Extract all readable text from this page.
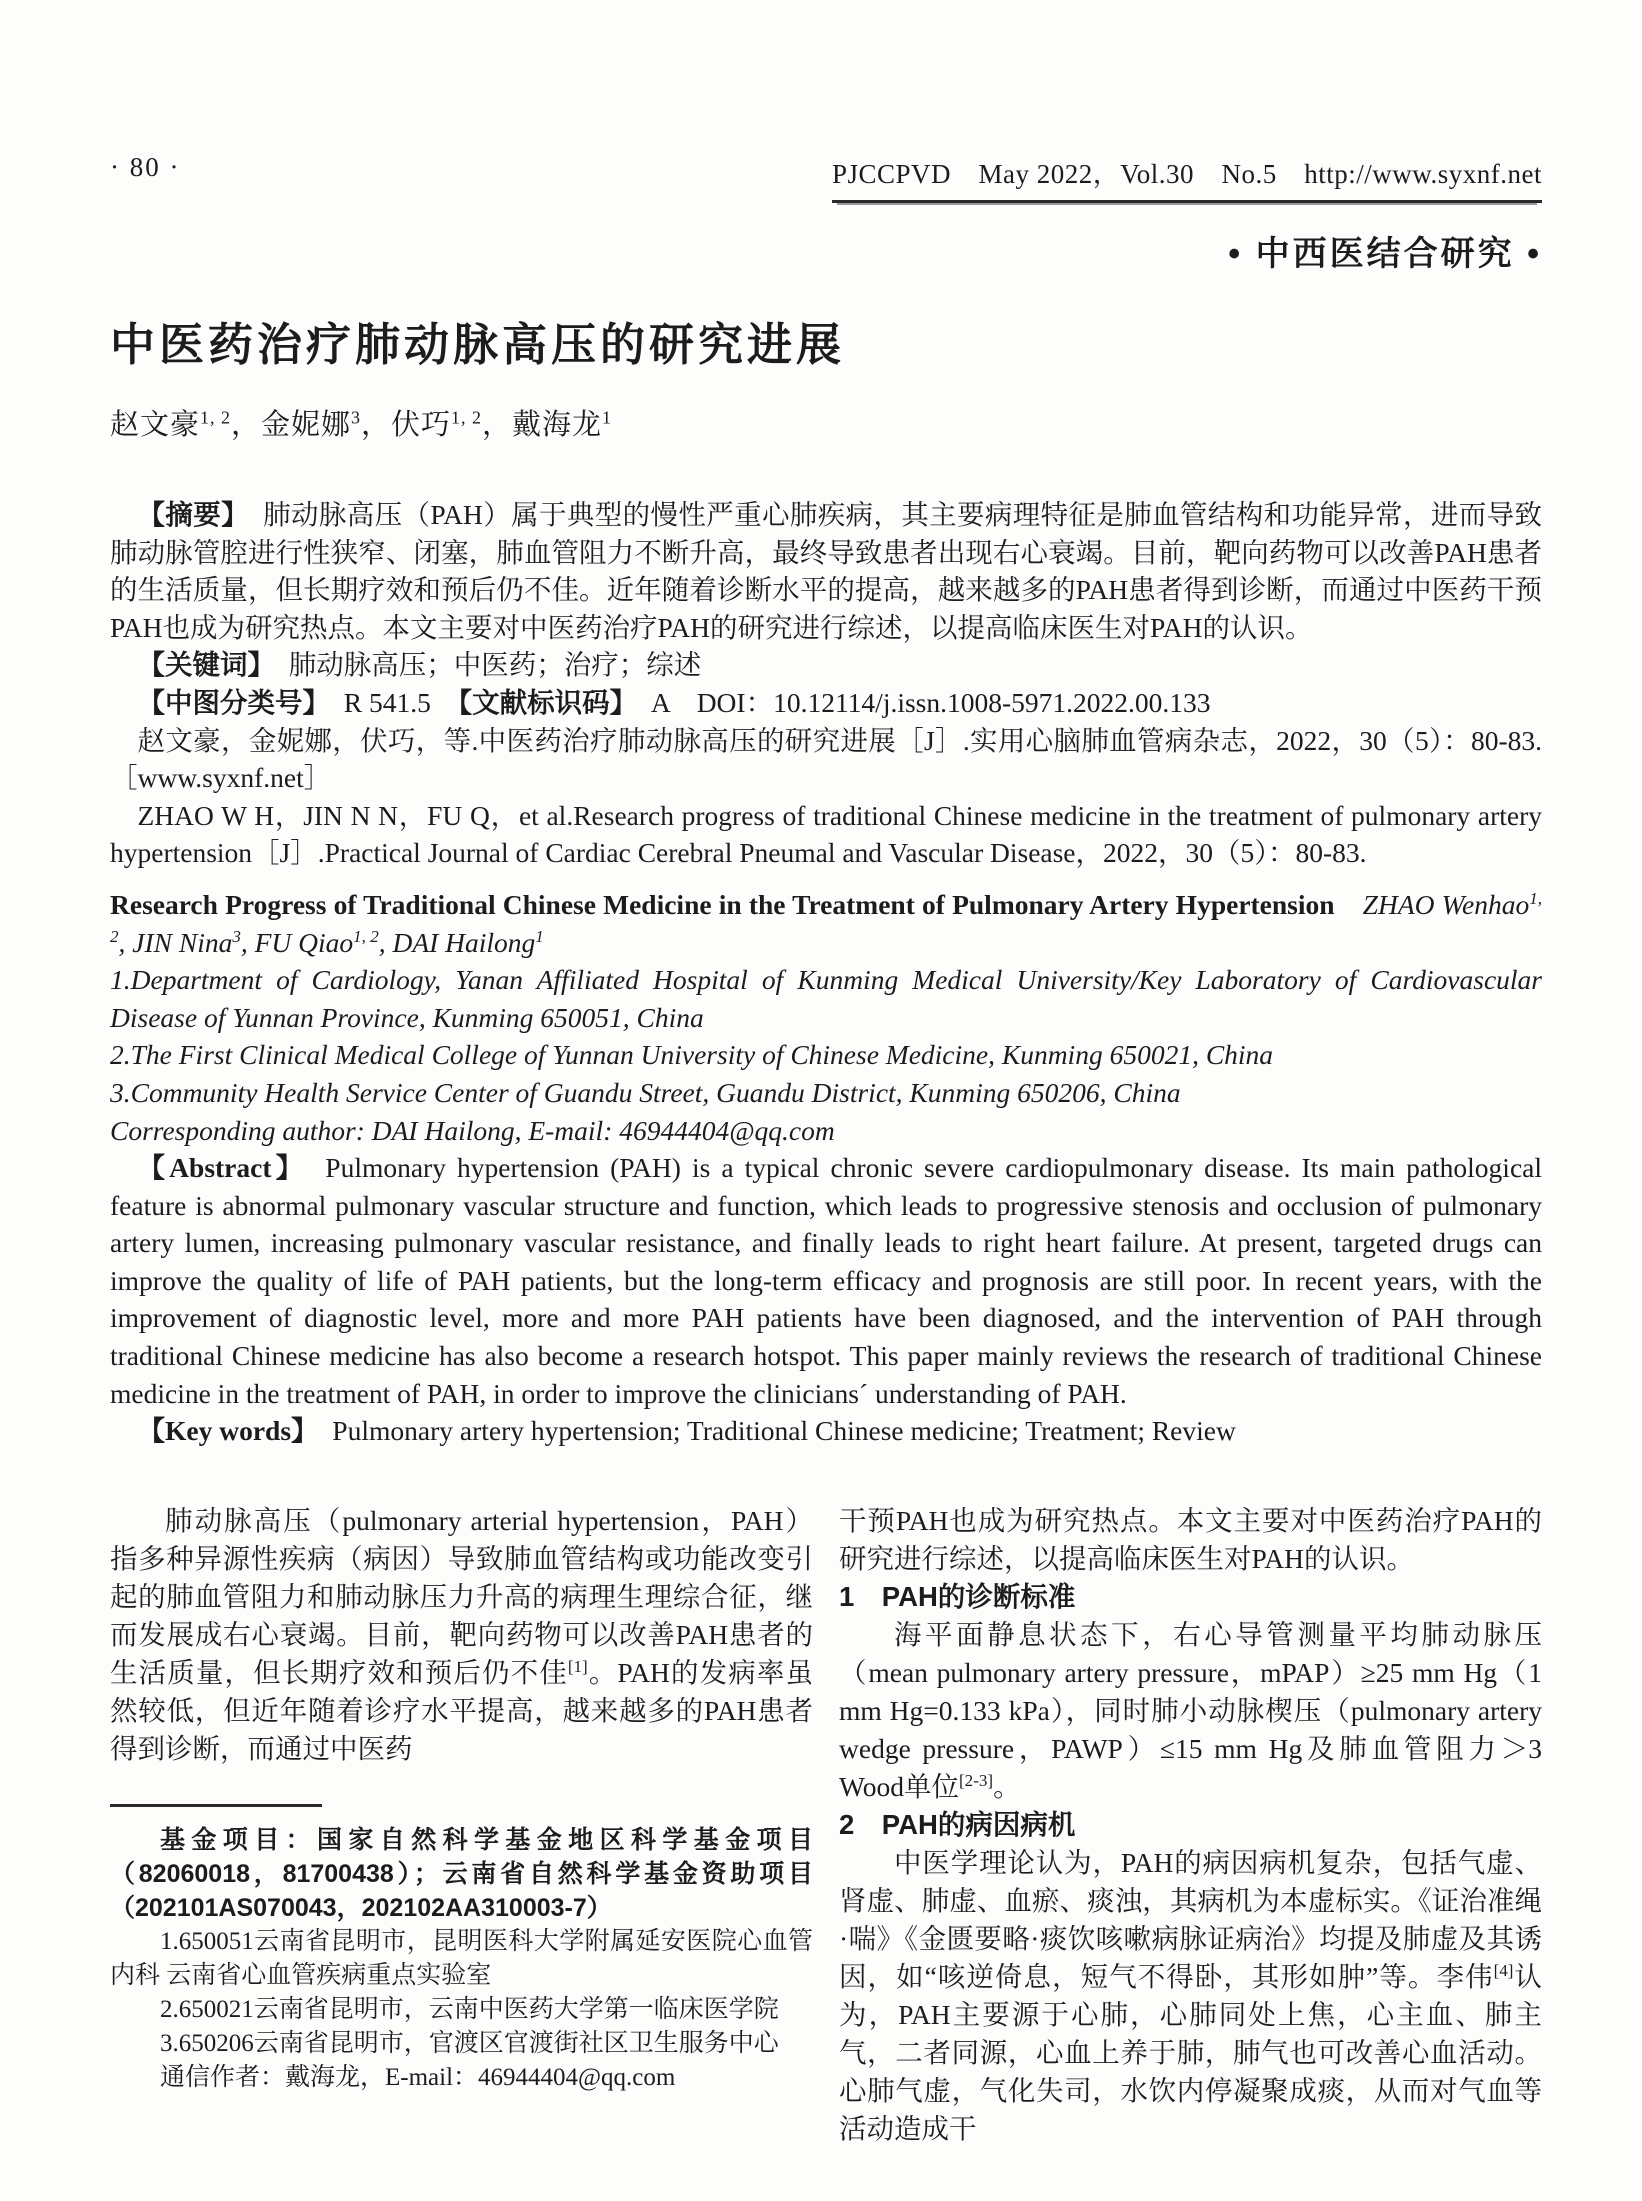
· 80 ·	PJCCPVD　May 2022，Vol.30　No.5　http://www.syxnf.net
• 中西医结合研究 •
中医药治疗肺动脉高压的研究进展
赵文豪$^{1, 2}$，金妮娜$^3$，伏巧$^{1, 2}$，戴海龙$^1$

【摘要】　 肺动脉高压（PAH）属于典型的慢性严重心肺疾病，其主要病理特征是肺血管结构和功能异常，进而导致肺动脉管腔进行性狭窄、闭塞，肺血管阻力不断升高，最终导致患者出现右心衰竭。目前，靶向药物可以改善PAH患者的生活质量，但长期疗效和预后仍不佳。近年随着诊断水平的提高，越来越多的PAH患者得到诊断，而通过中医药干预PAH也成为研究热点。本文主要对中医药治疗PAH的研究进行综述，以提高临床医生对PAH的认识。

【关键词】　 肺动脉高压；中医药；治疗；综述

【中图分类号】　 R 541.5　 【文献标识码】　 A　 DOI：10.12114/j.issn.1008-5971.2022.00.133

赵文豪，金妮娜，伏巧，等.中医药治疗肺动脉高压的研究进展［J］.实用心脑肺血管病杂志，2022，30（5）：80-83.［www.syxnf.net］

ZHAO W H，JIN N N，FU Q，et al.Research progress of traditional Chinese medicine in the treatment of pulmonary artery hypertension［J］.Practical Journal of Cardiac Cerebral Pneumal and Vascular Disease，2022，30（5）：80-83.

Research Progress of Traditional Chinese Medicine in the Treatment of Pulmonary Artery Hypertension　 ZHAO Wenhao$^{1, 2}$, JIN Nina$^3$, FU Qiao$^{1, 2}$, DAI Hailong$^1$

1.Department of Cardiology, Yanan Affiliated Hospital of Kunming Medical University/Key Laboratory of Cardiovascular Disease of Yunnan Province, Kunming 650051, China

2.The First Clinical Medical College of Yunnan University of Chinese Medicine, Kunming 650021, China

3.Community Health Service Center of Guandu Street, Guandu District, Kunming 650206, China

Corresponding author: DAI Hailong, E-mail: 46944404@qq.com

【Abstract】　 Pulmonary hypertension (PAH) is a typical chronic severe cardiopulmonary disease. Its main pathological feature is abnormal pulmonary vascular structure and function, which leads to progressive stenosis and occlusion of pulmonary artery lumen, increasing pulmonary vascular resistance, and finally leads to right heart failure. At present, targeted drugs can improve the quality of life of PAH patients, but the long-term efficacy and prognosis are still poor. In recent years, with the improvement of diagnostic level, more and more PAH patients have been diagnosed, and the intervention of PAH through traditional Chinese medicine has also become a research hotspot. This paper mainly reviews the research of traditional Chinese medicine in the treatment of PAH, in order to improve the clinicians´ understanding of PAH.

【Key words】　 Pulmonary artery hypertension; Traditional Chinese medicine; Treatment; Review

肺动脉高压（pulmonary arterial hypertension，PAH）指多种异源性疾病（病因）导致肺血管结构或功能改变引起的肺血管阻力和肺动脉压力升高的病理生理综合征，继而发展成右心衰竭。目前，靶向药物可以改善PAH患者的生活质量，但长期疗效和预后仍不佳[1]。PAH的发病率虽然较低，但近年随着诊疗水平提高，越来越多的PAH患者得到诊断，而通过中医药

基金项目：国家自然科学基金地区科学基金项目（82060018，81700438）；云南省自然科学基金资助项目（202101AS070043，202102AA310003-7）

1.650051云南省昆明市，昆明医科大学附属延安医院心血管内科 云南省心血管疾病重点实验室

2.650021云南省昆明市，云南中医药大学第一临床医学院

3.650206云南省昆明市，官渡区官渡街社区卫生服务中心

通信作者：戴海龙，E-mail：46944404@qq.com

干预PAH也成为研究热点。本文主要对中医药治疗PAH的研究进行综述，以提高临床医生对PAH的认识。

1　PAH的诊断标准

海平面静息状态下，右心导管测量平均肺动脉压（mean pulmonary artery pressure，mPAP）≥25 mm Hg（1 mm Hg=0.133 kPa），同时肺小动脉楔压（pulmonary artery wedge pressure，PAWP）≤15 mm Hg及肺血管阻力＞3 Wood单位[2-3]。

2　PAH的病因病机

中医学理论认为，PAH的病因病机复杂，包括气虚、肾虚、肺虚、血瘀、痰浊，其病机为本虚标实。《证治准绳·喘》《金匮要略·痰饮咳嗽病脉证病治》均提及肺虚及其诱因，如“咳逆倚息，短气不得卧，其形如肿”等。李伟[4]认为，PAH主要源于心肺，心肺同处上焦，心主血、肺主气，二者同源，心血上养于肺，肺气也可改善心血活动。心肺气虚，气化失司，水饮内停凝聚成痰，从而对气血等活动造成干
